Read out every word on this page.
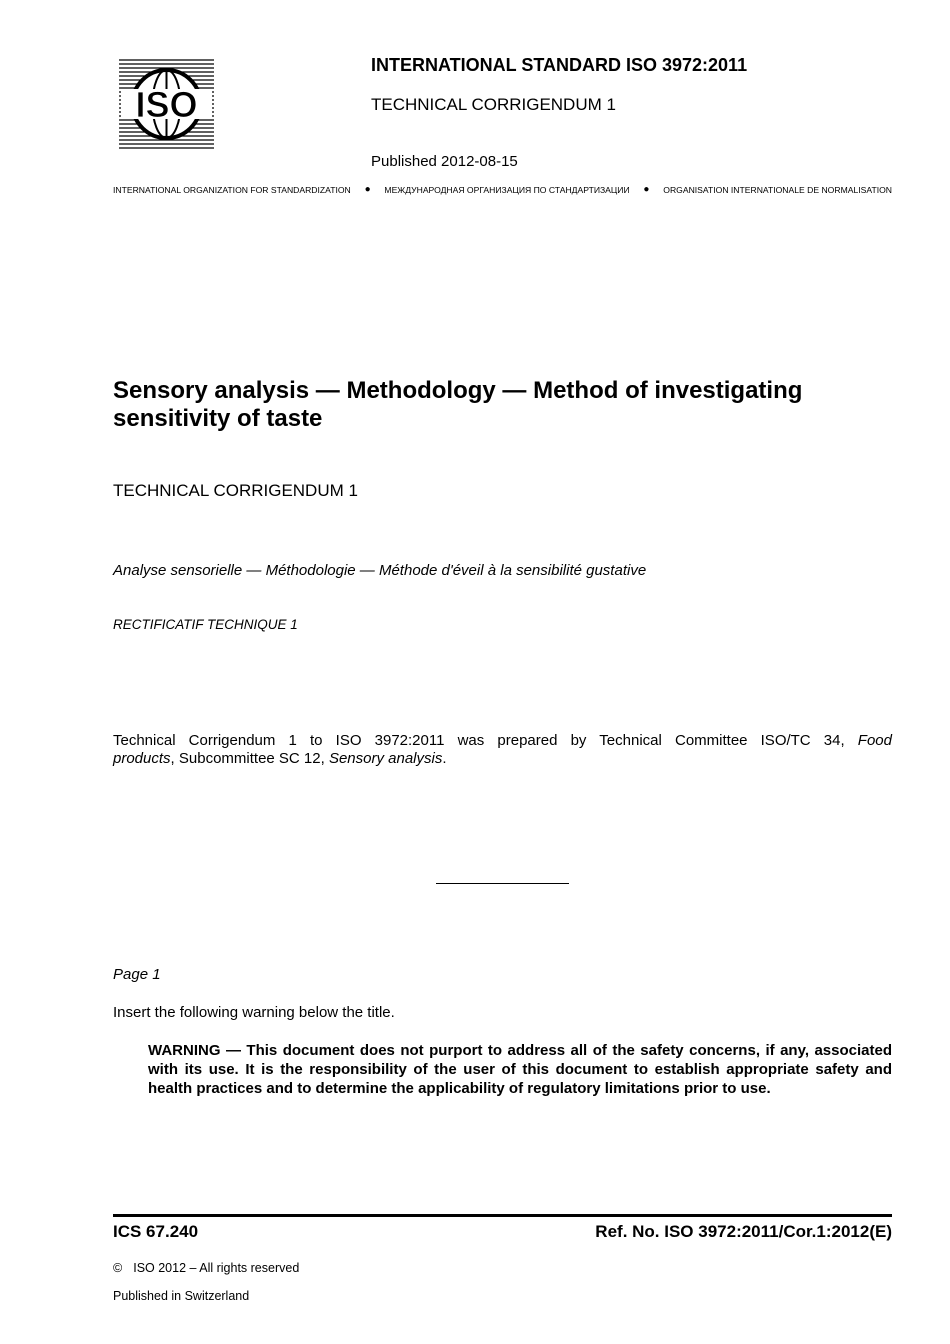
ISO
INTERNATIONAL STANDARD ISO 3972:2011
TECHNICAL CORRIGENDUM 1
Published 2012-08-15
INTERNATIONAL ORGANIZATION FOR STANDARDIZATION ● МЕЖДУНАРОДНАЯ ОРГАНИЗАЦИЯ ПО СТАНДАРТИЗАЦИИ ● ORGANISATION INTERNATIONALE DE NORMALISATION
Sensory analysis — Methodology — Method of investigating
sensitivity of taste
TECHNICAL CORRIGENDUM 1
Analyse sensorielle — Méthodologie — Méthode d'éveil à la sensibilité gustative
RECTIFICATIF TECHNIQUE 1
Technical Corrigendum 1 to ISO 3972:2011 was prepared by Technical Committee ISO/TC 34, Food
products, Subcommittee SC 12, Sensory analysis.
Page 1
Insert the following warning below the title.
WARNING — This document does not purport to address all of the safety concerns, if any, associated with its use. It is the responsibility of the user of this document to establish appropriate safety and health practices and to determine the applicability of regulatory limitations prior to use.
ICS 67.240	Ref. No. ISO 3972:2011/Cor.1:2012(E)
© ISO 2012 – All rights reserved
Published in Switzerland
